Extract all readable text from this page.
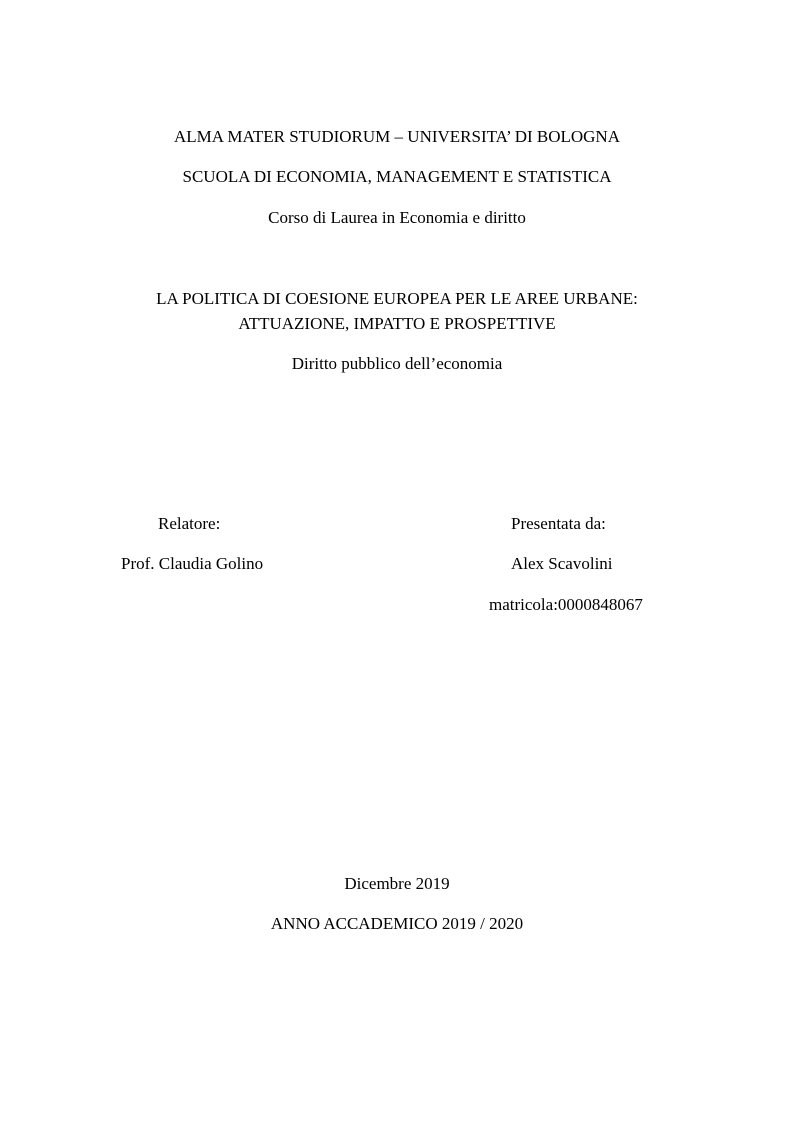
ALMA MATER STUDIORUM – UNIVERSITA’ DI BOLOGNA
SCUOLA DI ECONOMIA, MANAGEMENT E STATISTICA
Corso di Laurea in Economia e diritto
LA POLITICA DI COESIONE EUROPEA PER LE AREE URBANE:
ATTUAZIONE, IMPATTO E PROSPETTIVE
Diritto pubblico dell’economia
Relatore:
Prof. Claudia Golino
Presentata da:
Alex Scavolini
matricola:0000848067
Dicembre 2019
ANNO ACCADEMICO 2019 / 2020
